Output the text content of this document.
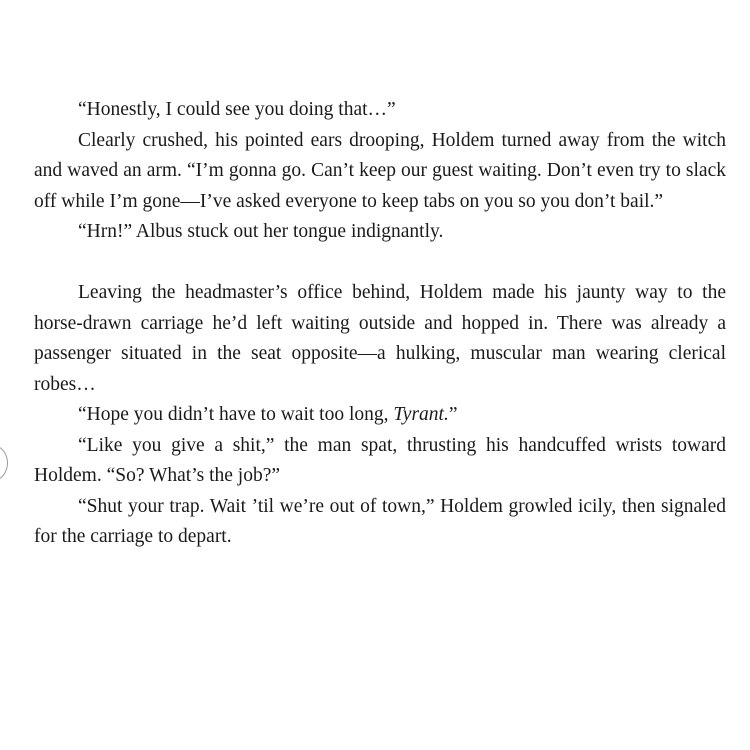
“Honestly, I could see you doing that…”

Clearly crushed, his pointed ears drooping, Holdem turned away from the witch and waved an arm. “I’m gonna go. Can’t keep our guest waiting. Don’t even try to slack off while I’m gone—I’ve asked everyone to keep tabs on you so you don’t bail.”

“Hrn!” Albus stuck out her tongue indignantly.

Leaving the headmaster’s office behind, Holdem made his jaunty way to the horse-drawn carriage he’d left waiting outside and hopped in. There was already a passenger situated in the seat opposite—a hulking, muscular man wearing clerical robes…

“Hope you didn’t have to wait too long, Tyrant.”

“Like you give a shit,” the man spat, thrusting his handcuffed wrists toward Holdem. “So? What’s the job?”

“Shut your trap. Wait ’til we’re out of town,” Holdem growled icily, then signaled for the carriage to depart.
